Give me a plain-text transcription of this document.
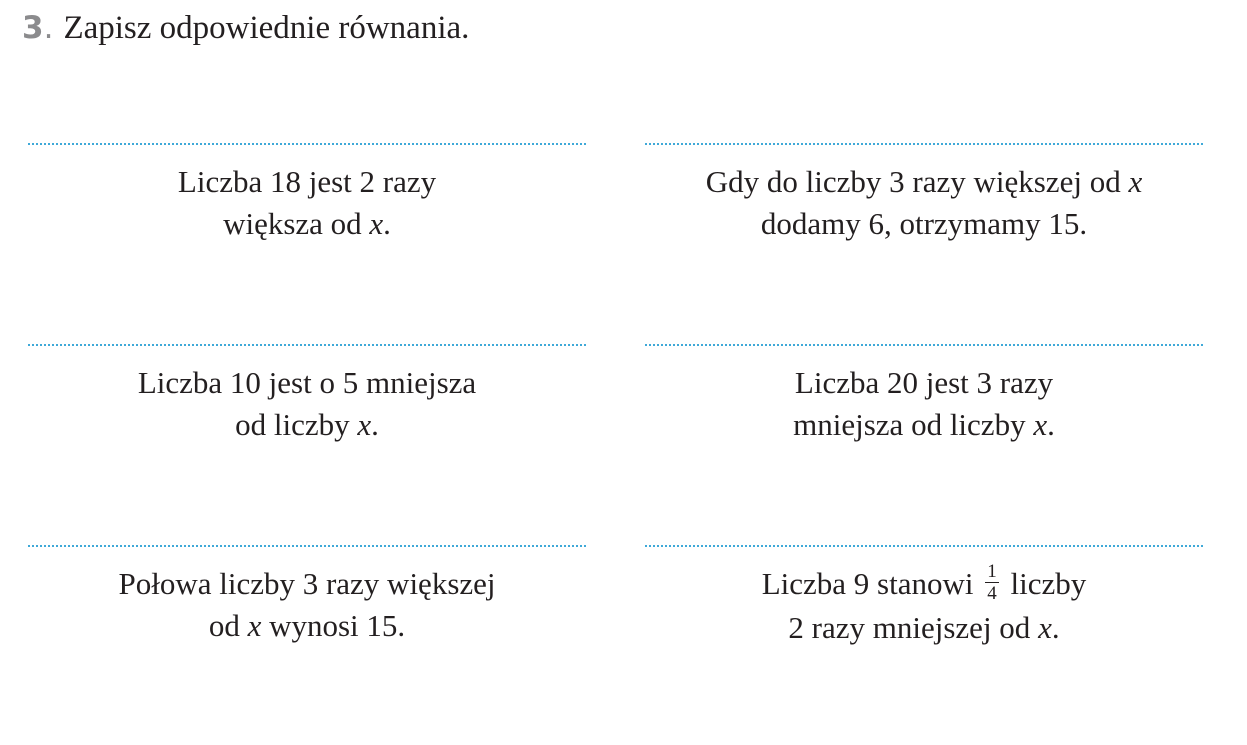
3 . Zapisz odpowiednie równania.
Liczba 18 jest 2 razy
większa od x.
Gdy do liczby 3 razy większej od x
dodamy 6, otrzymamy 15.
Liczba 10 jest o 5 mniejsza
od liczby x.
Liczba 20 jest 3 razy
mniejsza od liczby x.
Połowa liczby 3 razy większej
od x wynosi 15.
Liczba 9 stanowi $\frac{1}{4}$ liczby
2 razy mniejszej od x.
